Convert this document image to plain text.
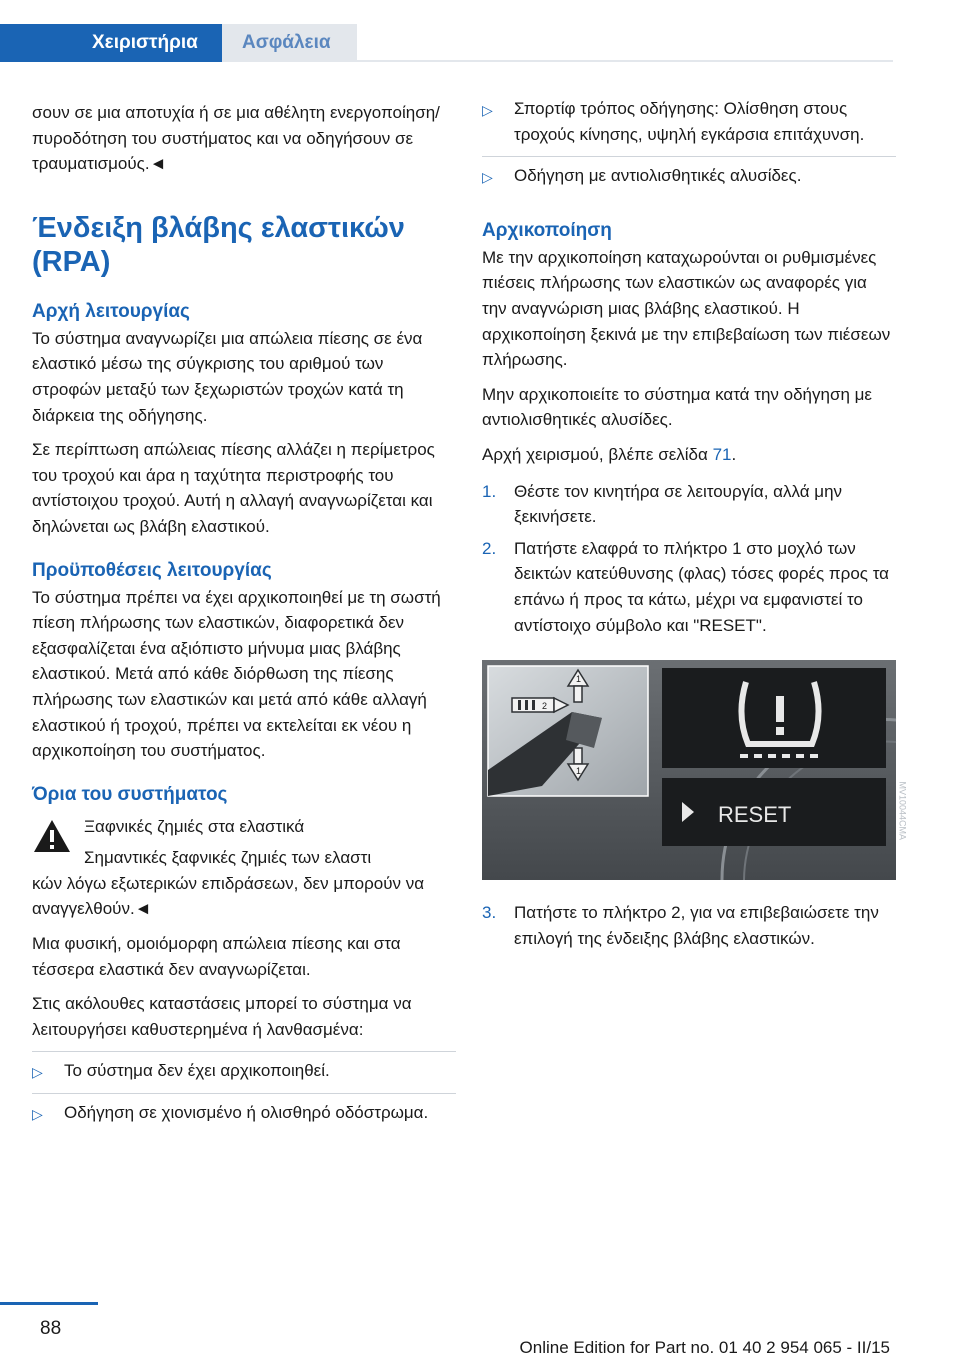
Χειριστήρια	Ασφάλεια

σουν σε μια αποτυχία ή σε μια αθέλητη ενεργοποίηση/πυροδότηση του συστήματος και να οδηγήσουν σε τραυματισμούς.◄

Ένδειξη βλάβης ελαστικών (RPA)
Αρχή λειτουργίας

Το σύστημα αναγνωρίζει μια απώλεια πίεσης σε ένα ελαστικό μέσω της σύγκρισης του αριθμού των στροφών μεταξύ των ξεχωριστών τροχών κατά τη διάρκεια της οδήγησης.

Σε περίπτωση απώλειας πίεσης αλλάζει η περίμετρος του τροχού και άρα η ταχύτητα περιστροφής του αντίστοιχου τροχού. Αυτή η αλλαγή αναγνωρίζεται και δηλώνεται ως βλάβη ελαστικού.

Προϋποθέσεις λειτουργίας

Το σύστημα πρέπει να έχει αρχικοποιηθεί με τη σωστή πίεση πλήρωσης των ελαστικών, διαφορετικά δεν εξασφαλίζεται ένα αξιόπιστο μήνυμα μιας βλάβης ελαστικού. Μετά από κάθε διόρθωση της πίεσης πλήρωσης των ελαστικών και μετά από κάθε αλλαγή ελαστικού ή τροχού, πρέπει να εκτελείται εκ νέου η αρχικοποίηση του συστήματος.

Όρια του συστήματος
Ξαφνικές ζημιές στα ελαστικά
Σημαντικές ξαφνικές ζημιές των ελαστι
κών λόγω εξωτερικών επιδράσεων, δεν μπορούν να αναγγελθούν.◄

Μια φυσική, ομοιόμορφη απώλεια πίεσης και στα τέσσερα ελαστικά δεν αναγνωρίζεται.

Στις ακόλουθες καταστάσεις μπορεί το σύστημα να λειτουργήσει καθυστερημένα ή λανθασμένα:

▷ Το σύστημα δεν έχει αρχικοποιηθεί.
▷ Οδήγηση σε χιονισμένο ή ολισθηρό οδόστρωμα.
▷ Σπορτίφ τρόπος οδήγησης: Ολίσθηση στους τροχούς κίνησης, υψηλή εγκάρσια επιτάχυνση.
▷ Οδήγηση με αντιολισθητικές αλυσίδες.
Αρχικοποίηση

Με την αρχικοποίηση καταχωρούνται οι ρυθμισμένες πιέσεις πλήρωσης των ελαστικών ως αναφορές για την αναγνώριση μιας βλάβης ελαστικού. Η αρχικοποίηση ξεκινά με την επιβεβαίωση των πιέσεων πλήρωσης.

Μην αρχικοποιείτε το σύστημα κατά την οδήγηση με αντιολισθητικές αλυσίδες.

Αρχή χειρισμού, βλέπε σελίδα 71.

1. Θέστε τον κινητήρα σε λειτουργία, αλλά μην ξεκινήσετε.
2. Πατήστε ελαφρά το πλήκτρο 1 στο μοχλό των δεικτών κατεύθυνσης (φλας) τόσες φορές προς τα επάνω ή προς τα κάτω, μέχρι να εμφανιστεί το αντίστοιχο σύμβολο και "RESET".
RESET
1
1
2
MV10044CMA
3. Πατήστε το πλήκτρο 2, για να επιβεβαιώσετε την επιλογή της ένδειξης βλάβης ελαστικών.
88
Online Edition for Part no. 01 40 2 954 065 - II/15
